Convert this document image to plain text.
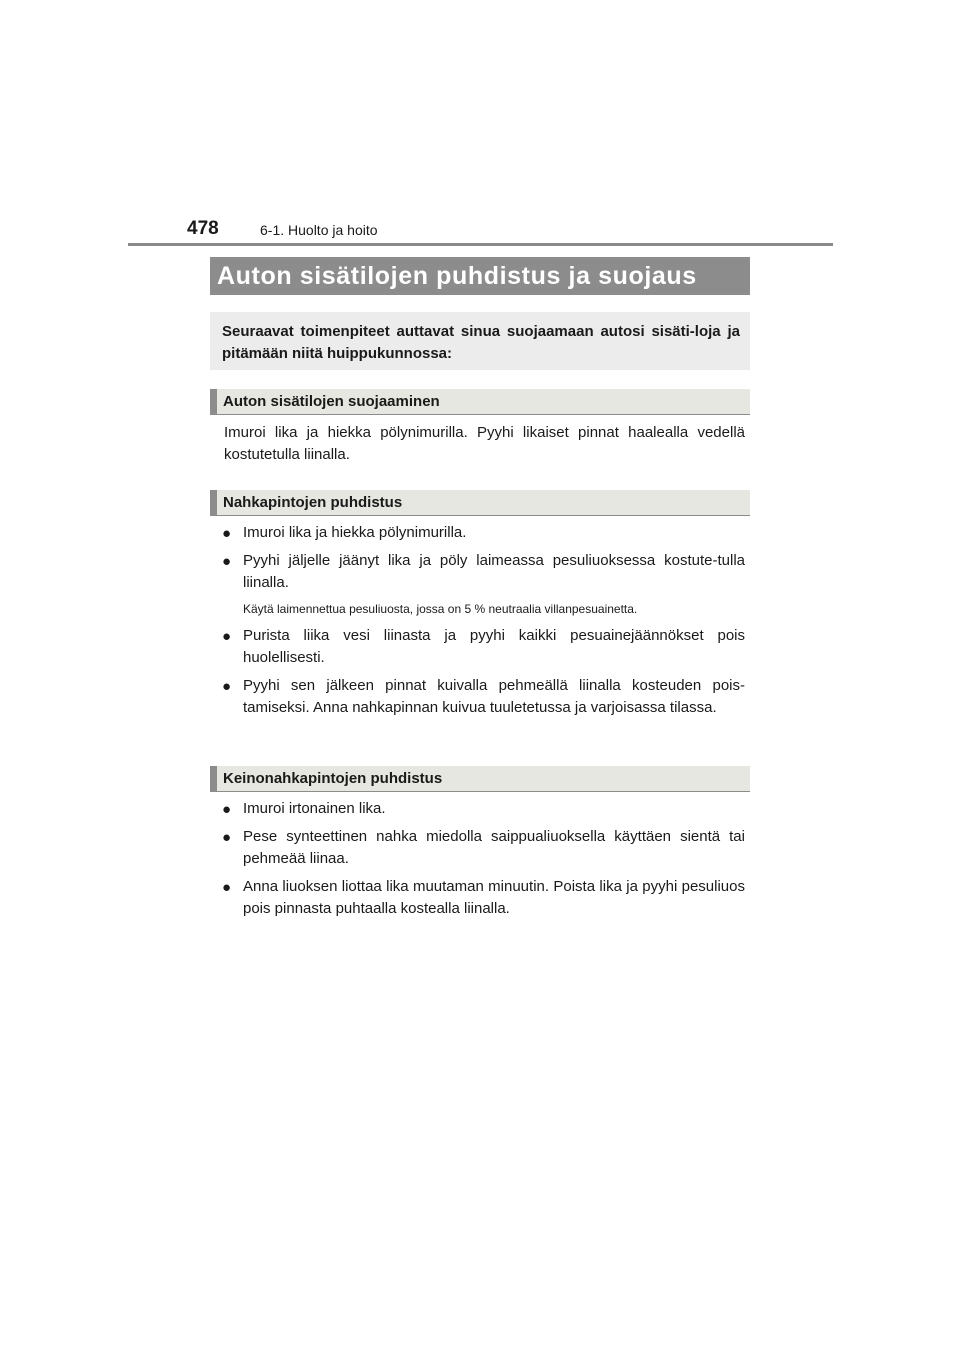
478	6-1. Huolto ja hoito
Auton sisätilojen puhdistus ja suojaus
Seuraavat toimenpiteet auttavat sinua suojaamaan autosi sisäti-loja ja pitämään niitä huippukunnossa:
Auton sisätilojen suojaaminen
Imuroi lika ja hiekka pölynimurilla. Pyyhi likaiset pinnat haalealla vedellä kostutetulla liinalla.
Nahkapintojen puhdistus
● Imuroi lika ja hiekka pölynimurilla.
● Pyyhi jäljelle jäänyt lika ja pöly laimeassa pesuliuoksessa kostute-tulla liinalla.
Käytä laimennettua pesuliuosta, jossa on 5 % neutraalia villanpesuainetta.
● Purista liika vesi liinasta ja pyyhi kaikki pesuainejäännökset pois huolellisesti.
● Pyyhi sen jälkeen pinnat kuivalla pehmeällä liinalla kosteuden pois-tamiseksi. Anna nahkapinnan kuivua tuuletetussa ja varjoisassa tilassa.
Keinonahkapintojen puhdistus
● Imuroi irtonainen lika.
● Pese synteettinen nahka miedolla saippualiuoksella käyttäen sientä tai pehmeää liinaa.
● Anna liuoksen liottaa lika muutaman minuutin. Poista lika ja pyyhi pesuliuos pois pinnasta puhtaalla kostealla liinalla.
